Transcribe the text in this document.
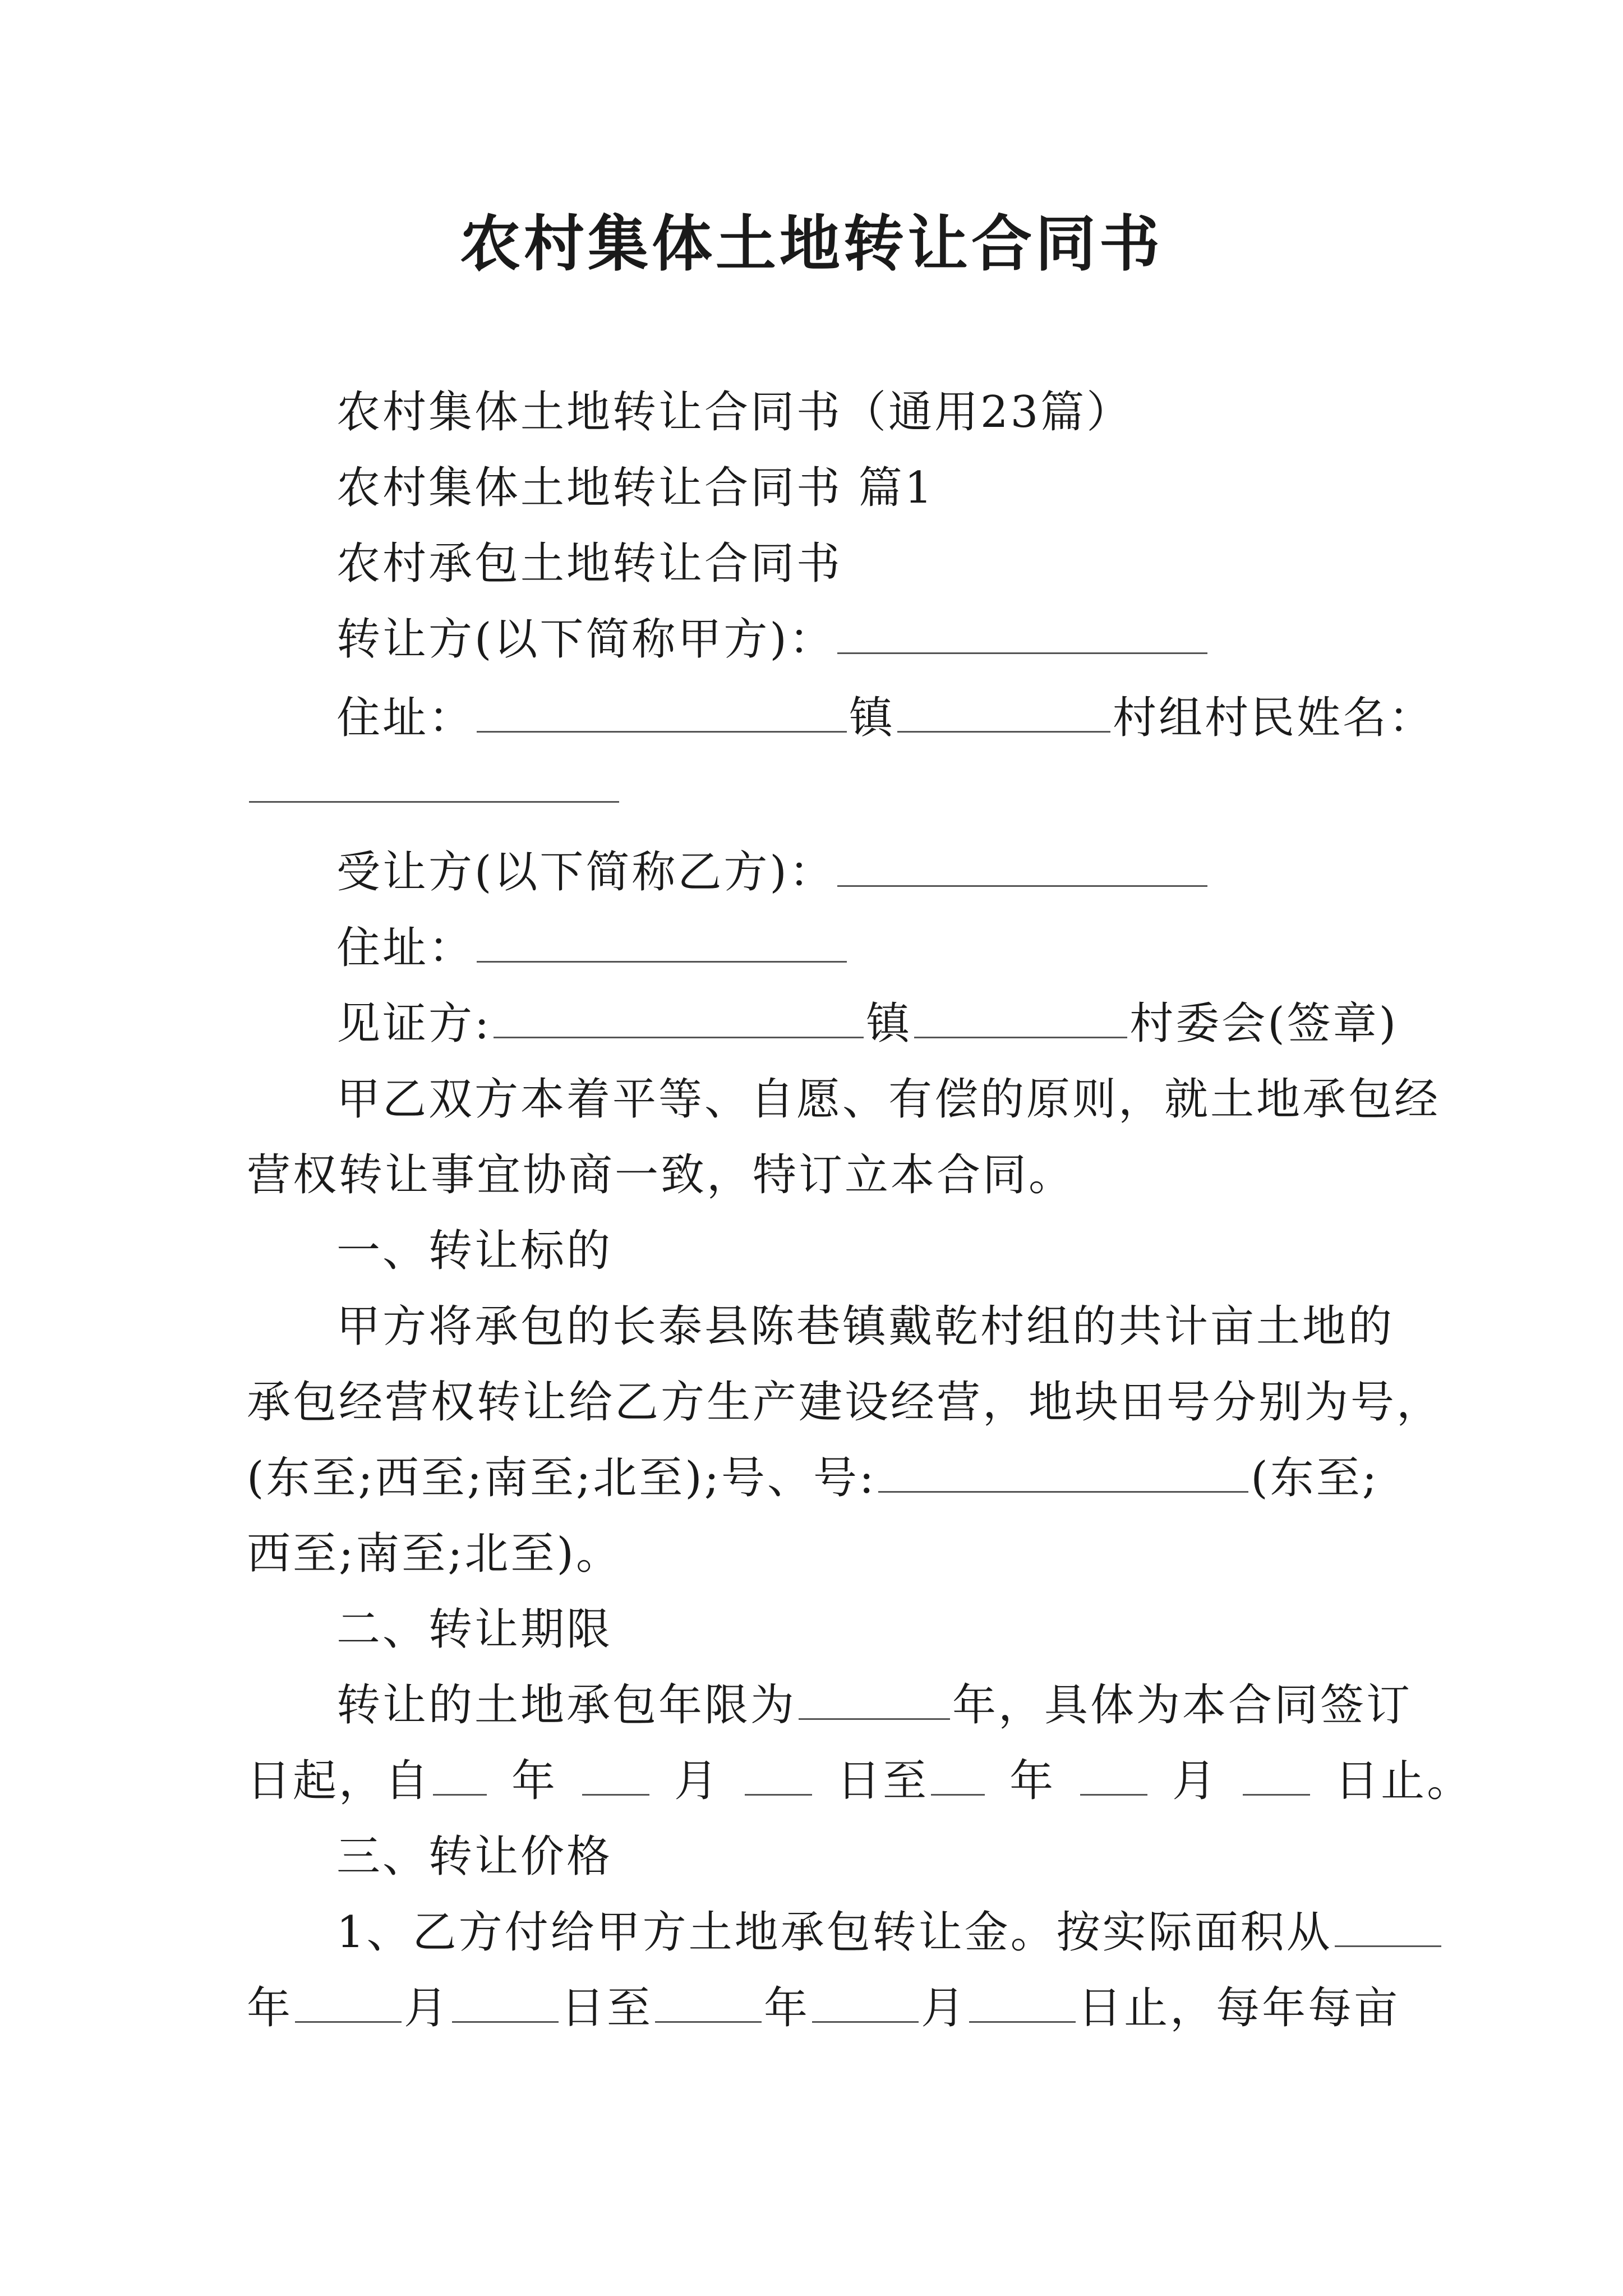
农村集体土地转让合同书
农村集体土地转让合同书（通用23篇）
农村集体土地转让合同书 篇1
农村承包土地转让合同书
转让方(以下简称甲方)：
住址：	镇	村组村民姓名：
受让方(以下简称乙方)：
住址：
见证方:	镇	村委会(签章)
甲乙双方本着平等、自愿、有偿的原则，就土地承包经
营权转让事宜协商一致，特订立本合同。
一、转让标的
甲方将承包的长泰县陈巷镇戴乾村组的共计亩土地的
承包经营权转让给乙方生产建设经营，地块田号分别为号，
(东至;西至;南至;北至);号、号:	(东至;
西至;南至;北至)。
二、转让期限
转让的土地承包年限为	年，具体为本合同签订
日起，自 年	月	日至 年	月	日止。
三、转让价格
1、乙方付给甲方土地承包转让金。按实际面积从
年	月	日至	年	月	日止，每年每亩
